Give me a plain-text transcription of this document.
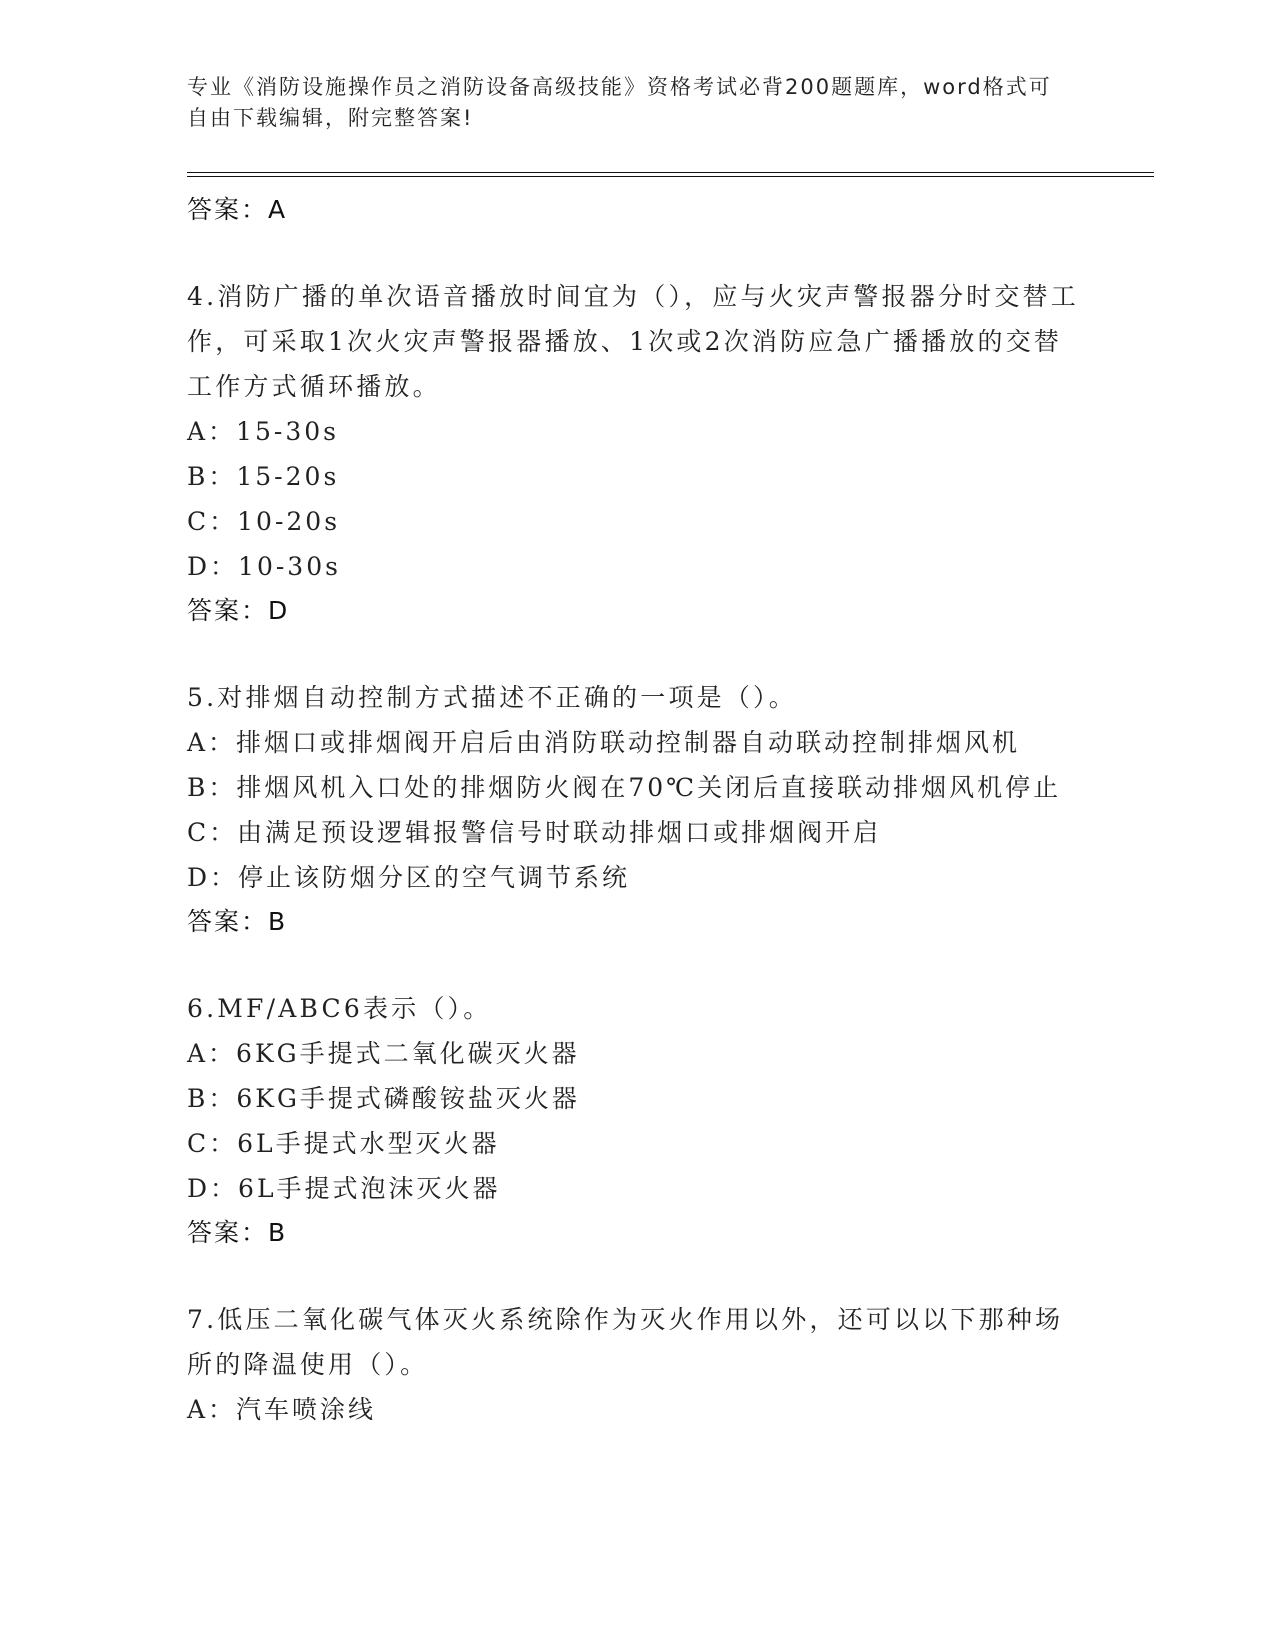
专业《消防设施操作员之消防设备高级技能》资格考试必背200题题库，word格式可自由下载编辑，附完整答案!
答案：A
4.消防广播的单次语音播放时间宜为（），应与火灾声警报器分时交替工作，可采取1次火灾声警报器播放、1次或2次消防应急广播播放的交替工作方式循环播放。
A：15-30s
B：15-20s
C：10-20s
D：10-30s
答案：D
5.对排烟自动控制方式描述不正确的一项是（）。
A：排烟口或排烟阀开启后由消防联动控制器自动联动控制排烟风机
B：排烟风机入口处的排烟防火阀在70℃关闭后直接联动排烟风机停止
C：由满足预设逻辑报警信号时联动排烟口或排烟阀开启
D：停止该防烟分区的空气调节系统
答案：B
6.MF/ABC6表示（）。
A：6KG手提式二氧化碳灭火器
B：6KG手提式磷酸铵盐灭火器
C：6L手提式水型灭火器
D：6L手提式泡沫灭火器
答案：B
7.低压二氧化碳气体灭火系统除作为灭火作用以外，还可以以下那种场所的降温使用（）。
A：汽车喷涂线
